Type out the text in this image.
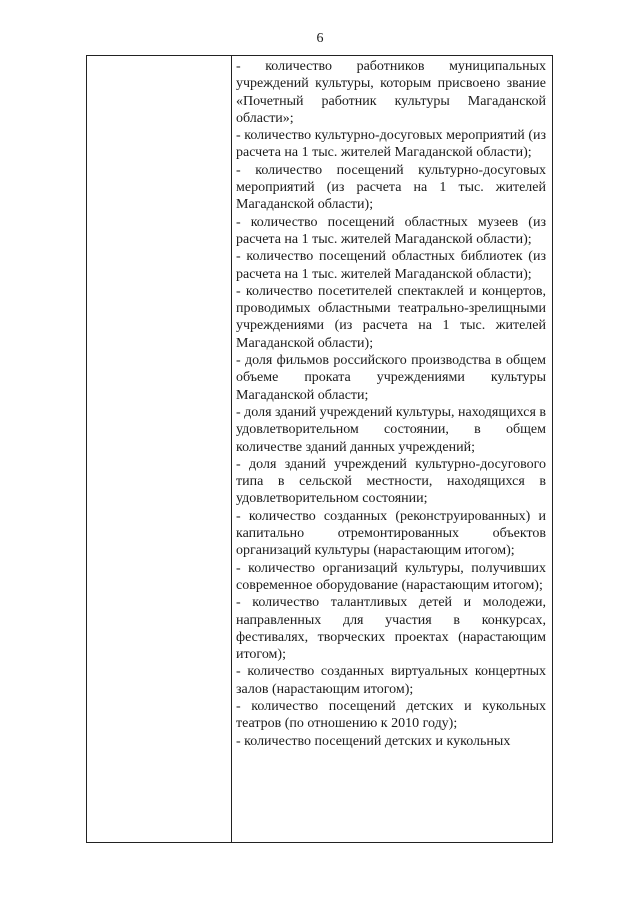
6

- количество работников муниципальных учреждений культуры, которым присвоено звание «Почетный работник культуры Магаданской области»;

- количество культурно-досуговых мероприятий (из расчета на 1 тыс. жителей Магаданской области);

- количество посещений культурно-досуговых мероприятий (из расчета на 1 тыс. жителей Магаданской области);

- количество посещений областных музеев (из расчета на 1 тыс. жителей Магаданской области);

- количество посещений областных библиотек (из расчета на 1 тыс. жителей Магаданской области);

- количество посетителей спектаклей и концертов, проводимых областными театрально-зрелищными учреждениями (из расчета на 1 тыс. жителей Магаданской области);

- доля фильмов российского производства в общем объеме проката учреждениями культуры Магаданской области;

- доля зданий учреждений культуры, находящихся в удовлетворительном состоянии, в общем количестве зданий данных учреждений;

- доля зданий учреждений культурно-досугового типа в сельской местности, находящихся в удовлетворительном состоянии;

- количество созданных (реконструированных) и капитально отремонтированных объектов организаций культуры (нарастающим итогом);

- количество организаций культуры, получивших современное оборудование (нарастающим итогом);

- количество талантливых детей и молодежи, направленных для участия в конкурсах, фестивалях, творческих проектах (нарастающим итогом);

- количество созданных виртуальных концертных залов (нарастающим итогом);

- количество посещений детских и кукольных театров (по отношению к 2010 году);

- количество посещений детских и кукольных
